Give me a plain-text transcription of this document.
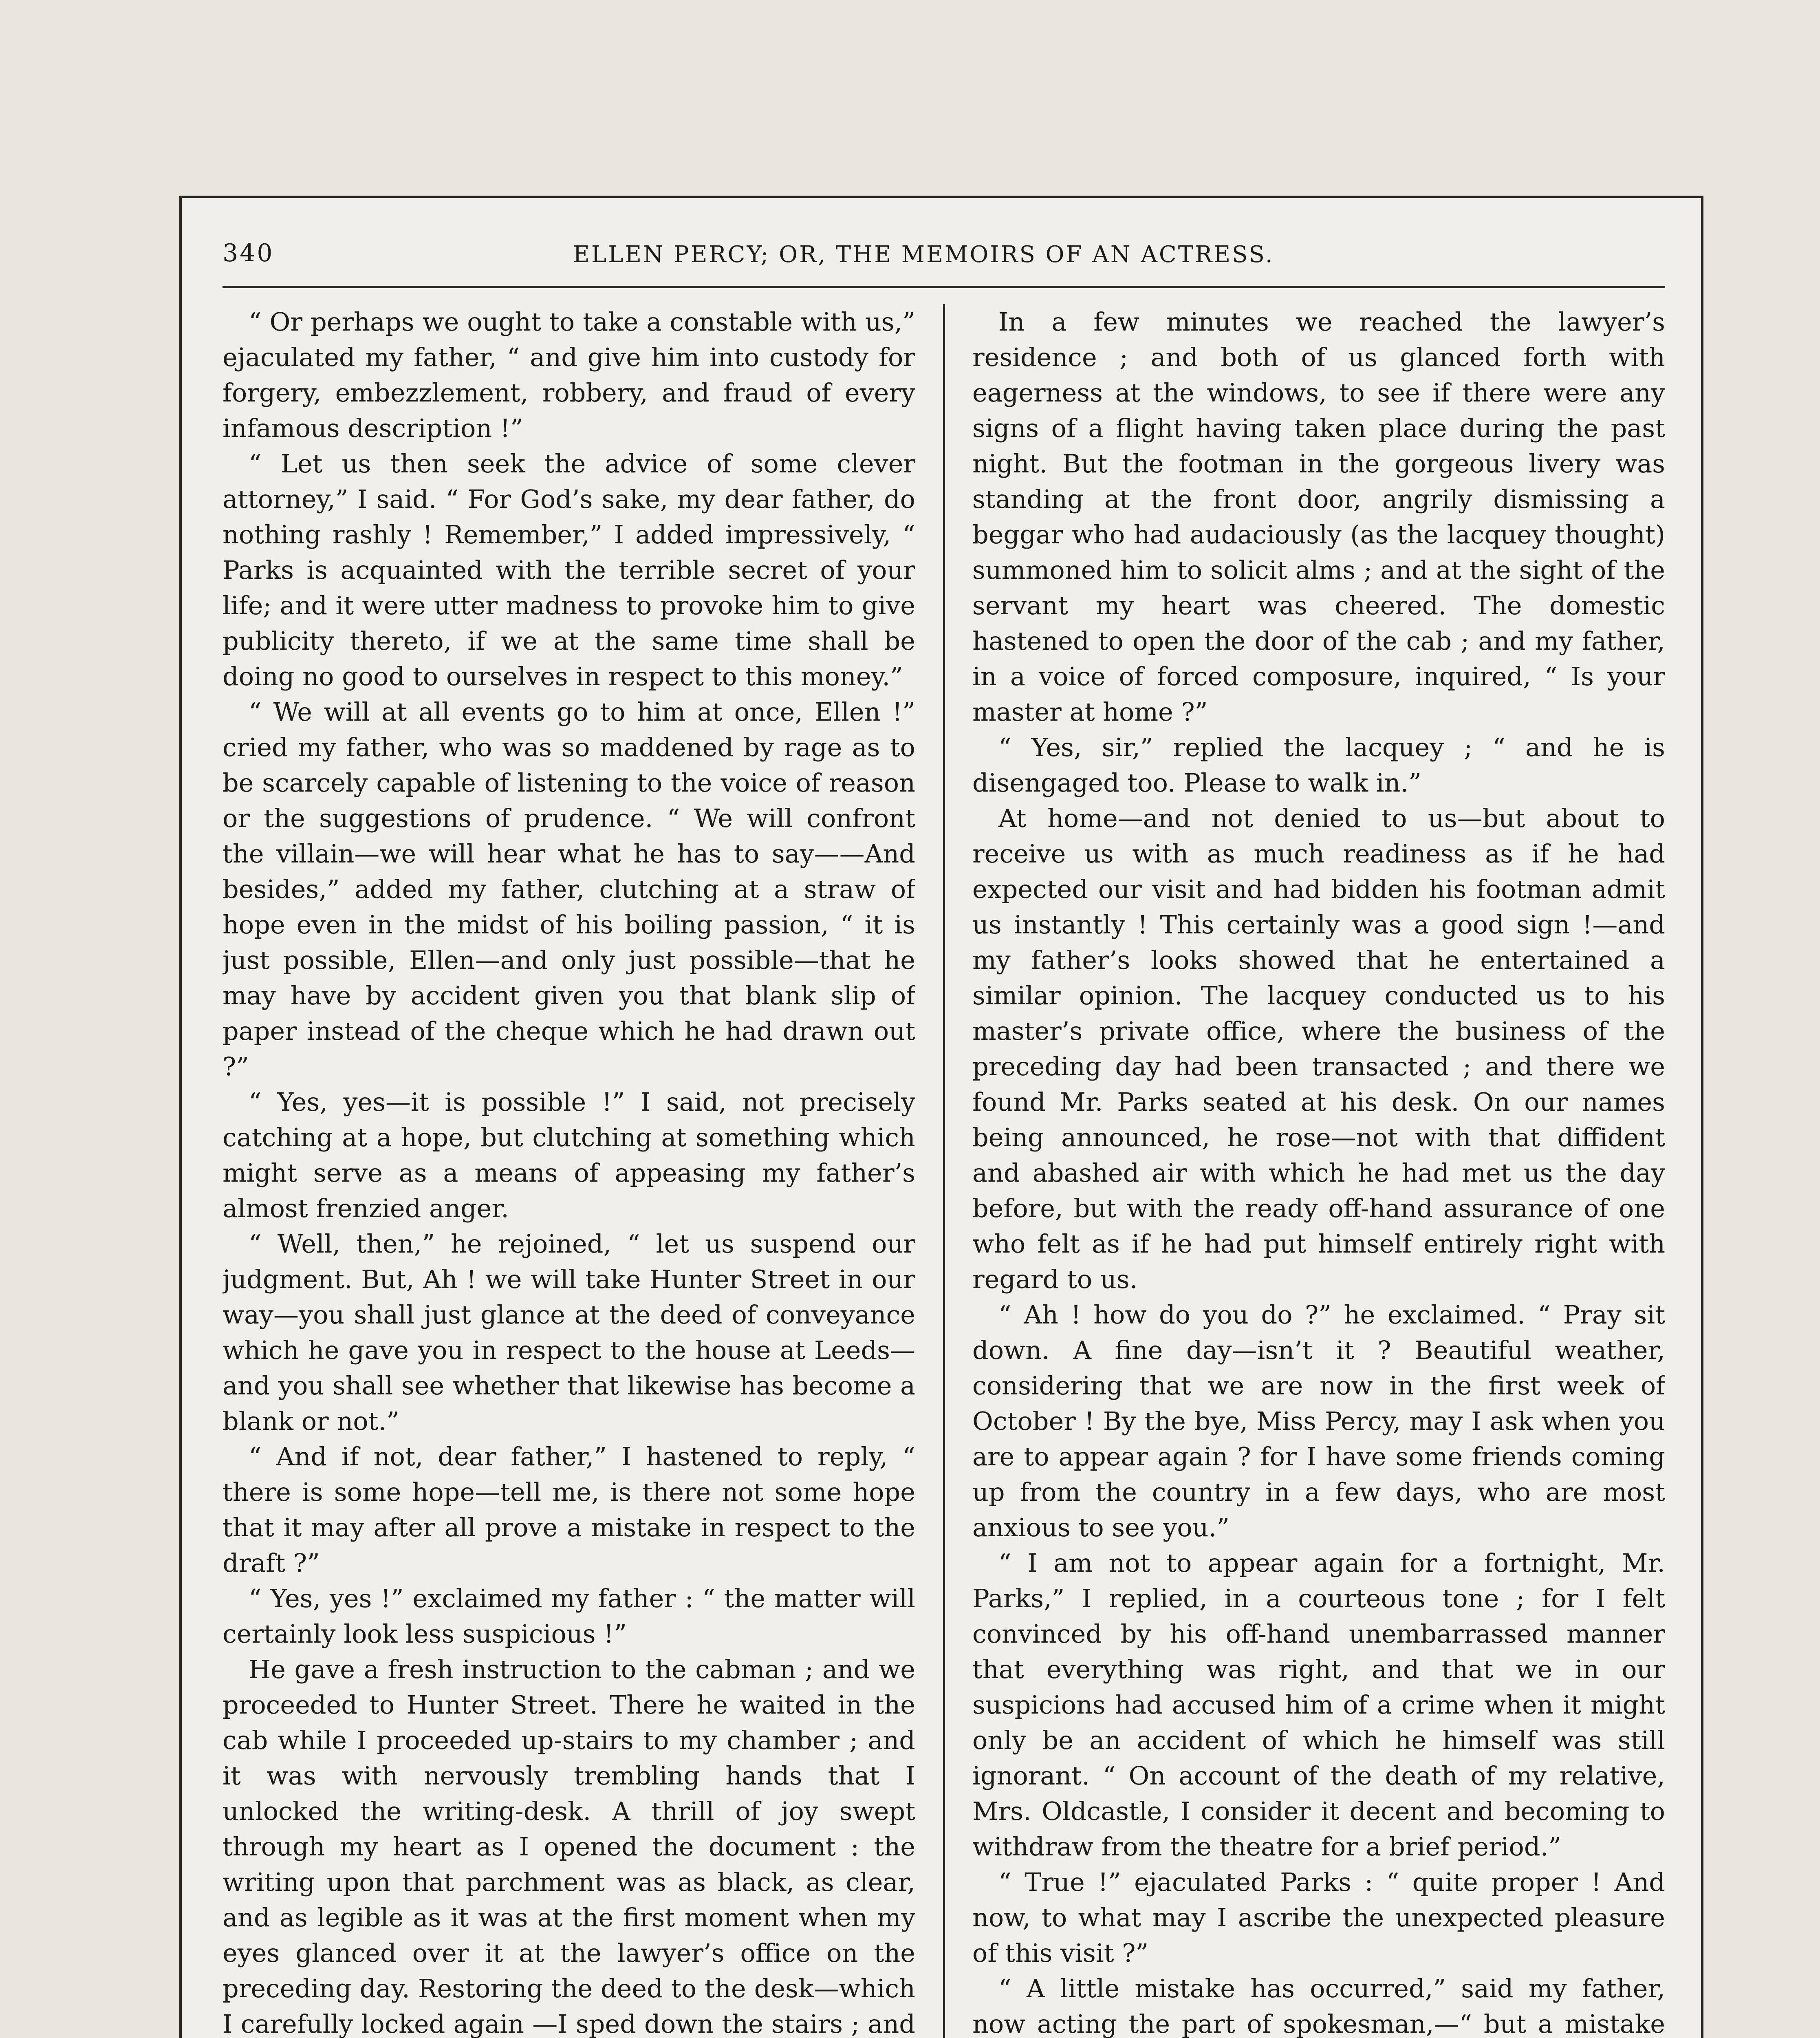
340	ELLEN PERCY; OR, THE MEMOIRS OF AN ACTRESS.

“ Or perhaps we ought to take a constable with us,” ejaculated my father, “ and give him into custody for forgery, embezzlement, robbery, and fraud of every infamous description !”

“ Let us then seek the advice of some clever attorney,” I said. “ For God’s sake, my dear father, do nothing rashly ! Remember,” I added impressively, “ Parks is acquainted with the terrible secret of your life; and it were utter madness to provoke him to give publicity thereto, if we at the same time shall be doing no good to ourselves in respect to this money.”

“ We will at all events go to him at once, Ellen !” cried my father, who was so maddened by rage as to be scarcely capable of listening to the voice of reason or the suggestions of prudence. “ We will confront the villain—we will hear what he has to say——And besides,” added my father, clutching at a straw of hope even in the midst of his boiling passion, “ it is just possible, Ellen—and only just possible—that he may have by accident given you that blank slip of paper instead of the cheque which he had drawn out ?”

“ Yes, yes—it is possible !” I said, not precisely catching at a hope, but clutching at something which might serve as a means of appeasing my father’s almost frenzied anger.

“ Well, then,” he rejoined, “ let us suspend our judgment. But, Ah ! we will take Hunter Street in our way—you shall just glance at the deed of conveyance which he gave you in respect to the house at Leeds—and you shall see whether that likewise has become a blank or not.”

“ And if not, dear father,” I hastened to reply, “ there is some hope—tell me, is there not some hope that it may after all prove a mistake in respect to the draft ?”

“ Yes, yes !” exclaimed my father : “ the matter will certainly look less suspicious !”

He gave a fresh instruction to the cabman ; and we proceeded to Hunter Street. There he waited in the cab while I proceeded up-stairs to my chamber ; and it was with nervously trembling hands that I unlocked the writing-desk. A thrill of joy swept through my heart as I opened the document : the writing upon that parchment was as black, as clear, and as legible as it was at the first moment when my eyes glanced over it at the lawyer’s office on the preceding day. Restoring the deed to the desk—which I carefully locked again —I sped down the stairs ; and

In a few minutes we reached the lawyer’s residence ; and both of us glanced forth with eagerness at the windows, to see if there were any signs of a flight having taken place during the past night. But the footman in the gorgeous livery was standing at the front door, angrily dismissing a beggar who had audaciously (as the lacquey thought) summoned him to solicit alms ; and at the sight of the servant my heart was cheered. The domestic hastened to open the door of the cab ; and my father, in a voice of forced composure, inquired, “ Is your master at home ?”

“ Yes, sir,” replied the lacquey ; “ and he is disengaged too. Please to walk in.”

At home—and not denied to us—but about to receive us with as much readiness as if he had expected our visit and had bidden his footman admit us instantly ! This certainly was a good sign !—and my father’s looks showed that he entertained a similar opinion. The lacquey conducted us to his master’s private office, where the business of the preceding day had been transacted ; and there we found Mr. Parks seated at his desk. On our names being announced, he rose—not with that diffident and abashed air with which he had met us the day before, but with the ready off-hand assurance of one who felt as if he had put himself entirely right with regard to us.

“ Ah ! how do you do ?” he exclaimed. “ Pray sit down. A fine day—isn’t it ? Beautiful weather, considering that we are now in the first week of October ! By the bye, Miss Percy, may I ask when you are to appear again ? for I have some friends coming up from the country in a few days, who are most anxious to see you.”

“ I am not to appear again for a fortnight, Mr. Parks,” I replied, in a courteous tone ; for I felt convinced by his off-hand unembarrassed manner that everything was right, and that we in our suspicions had accused him of a crime when it might only be an accident of which he himself was still ignorant. “ On account of the death of my relative, Mrs. Oldcastle, I consider it decent and becoming to withdraw from the theatre for a brief period.”

“ True !” ejaculated Parks : “ quite proper ! And now, to what may I ascribe the unexpected pleasure of this visit ?”

“ A little mistake has occurred,” said my father, now acting the part of spokesman,—“ but a mistake
